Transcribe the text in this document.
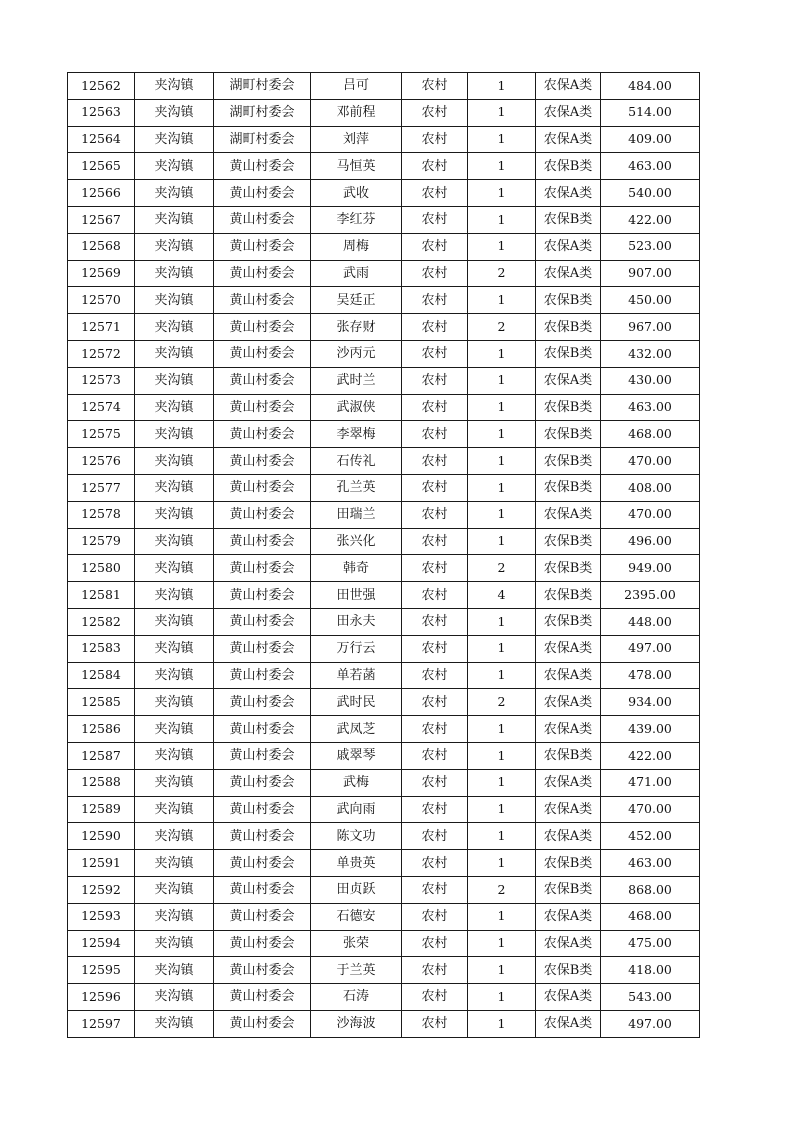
12562	夹沟镇	湖町村委会	吕可	农村	1	农保A类	484.00
12563	夹沟镇	湖町村委会	邓前程	农村	1	农保A类	514.00
12564	夹沟镇	湖町村委会	刘萍	农村	1	农保A类	409.00
12565	夹沟镇	黄山村委会	马恒英	农村	1	农保B类	463.00
12566	夹沟镇	黄山村委会	武收	农村	1	农保A类	540.00
12567	夹沟镇	黄山村委会	李红芬	农村	1	农保B类	422.00
12568	夹沟镇	黄山村委会	周梅	农村	1	农保A类	523.00
12569	夹沟镇	黄山村委会	武雨	农村	2	农保A类	907.00
12570	夹沟镇	黄山村委会	吴廷正	农村	1	农保B类	450.00
12571	夹沟镇	黄山村委会	张存财	农村	2	农保B类	967.00
12572	夹沟镇	黄山村委会	沙丙元	农村	1	农保B类	432.00
12573	夹沟镇	黄山村委会	武时兰	农村	1	农保A类	430.00
12574	夹沟镇	黄山村委会	武淑侠	农村	1	农保B类	463.00
12575	夹沟镇	黄山村委会	李翠梅	农村	1	农保B类	468.00
12576	夹沟镇	黄山村委会	石传礼	农村	1	农保B类	470.00
12577	夹沟镇	黄山村委会	孔兰英	农村	1	农保B类	408.00
12578	夹沟镇	黄山村委会	田瑞兰	农村	1	农保A类	470.00
12579	夹沟镇	黄山村委会	张兴化	农村	1	农保B类	496.00
12580	夹沟镇	黄山村委会	韩奇	农村	2	农保B类	949.00
12581	夹沟镇	黄山村委会	田世强	农村	4	农保B类	2395.00
12582	夹沟镇	黄山村委会	田永夫	农村	1	农保B类	448.00
12583	夹沟镇	黄山村委会	万行云	农村	1	农保A类	497.00
12584	夹沟镇	黄山村委会	单若菡	农村	1	农保A类	478.00
12585	夹沟镇	黄山村委会	武时民	农村	2	农保A类	934.00
12586	夹沟镇	黄山村委会	武凤芝	农村	1	农保A类	439.00
12587	夹沟镇	黄山村委会	戚翠琴	农村	1	农保B类	422.00
12588	夹沟镇	黄山村委会	武梅	农村	1	农保A类	471.00
12589	夹沟镇	黄山村委会	武向雨	农村	1	农保A类	470.00
12590	夹沟镇	黄山村委会	陈文功	农村	1	农保A类	452.00
12591	夹沟镇	黄山村委会	单贵英	农村	1	农保B类	463.00
12592	夹沟镇	黄山村委会	田贞跃	农村	2	农保B类	868.00
12593	夹沟镇	黄山村委会	石德安	农村	1	农保A类	468.00
12594	夹沟镇	黄山村委会	张荣	农村	1	农保A类	475.00
12595	夹沟镇	黄山村委会	于兰英	农村	1	农保B类	418.00
12596	夹沟镇	黄山村委会	石涛	农村	1	农保A类	543.00
12597	夹沟镇	黄山村委会	沙海波	农村	1	农保A类	497.00
